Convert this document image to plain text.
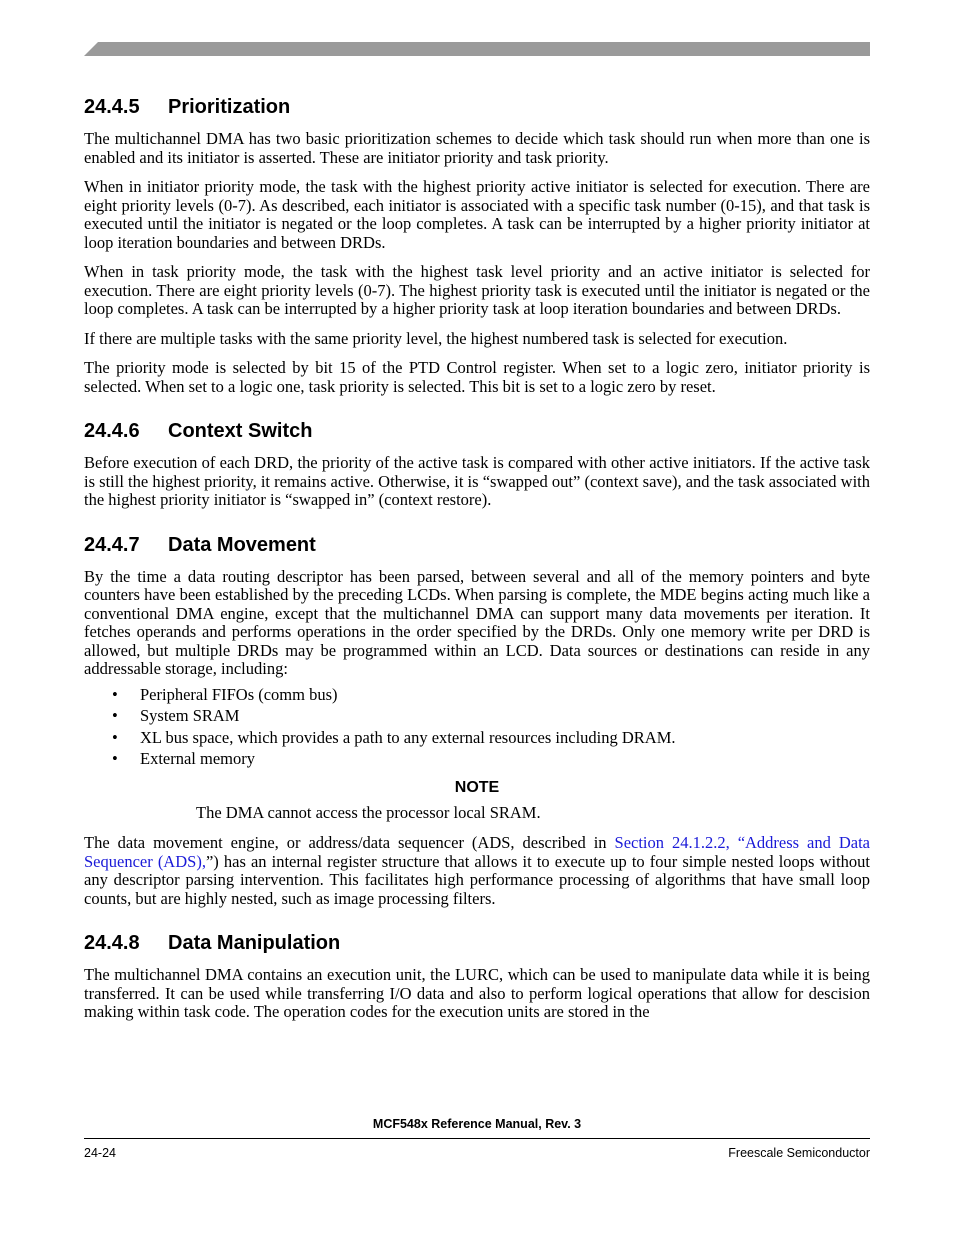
24.4.5 Prioritization

The multichannel DMA has two basic prioritization schemes to decide which task should run when more than one is enabled and its initiator is asserted. These are initiator priority and task priority.

When in initiator priority mode, the task with the highest priority active initiator is selected for execution. There are eight priority levels (0-7). As described, each initiator is associated with a specific task number (0-15), and that task is executed until the initiator is negated or the loop completes. A task can be interrupted by a higher priority initiator at loop iteration boundaries and between DRDs.

When in task priority mode, the task with the highest task level priority and an active initiator is selected for execution. There are eight priority levels (0-7). The highest priority task is executed until the initiator is negated or the loop completes. A task can be interrupted by a higher priority task at loop iteration boundaries and between DRDs.

If there are multiple tasks with the same priority level, the highest numbered task is selected for execution.

The priority mode is selected by bit 15 of the PTD Control register. When set to a logic zero, initiator priority is selected. When set to a logic one, task priority is selected. This bit is set to a logic zero by reset.

24.4.6 Context Switch

Before execution of each DRD, the priority of the active task is compared with other active initiators. If the active task is still the highest priority, it remains active. Otherwise, it is “swapped out” (context save), and the task associated with the highest priority initiator is “swapped in” (context restore).

24.4.7 Data Movement

By the time a data routing descriptor has been parsed, between several and all of the memory pointers and byte counters have been established by the preceding LCDs. When parsing is complete, the MDE begins acting much like a conventional DMA engine, except that the multichannel DMA can support many data movements per iteration. It fetches operands and performs operations in the order specified by the DRDs. Only one memory write per DRD is allowed, but multiple DRDs may be programmed within an LCD. Data sources or destinations can reside in any addressable storage, including:

• Peripheral FIFOs (comm bus)
• System SRAM
• XL bus space, which provides a path to any external resources including DRAM.
• External memory
NOTE
The DMA cannot access the processor local SRAM.

The data movement engine, or address/data sequencer (ADS, described in Section 24.1.2.2, “Address and Data Sequencer (ADS),”) has an internal register structure that allows it to execute up to four simple nested loops without any descriptor parsing intervention. This facilitates high performance processing of algorithms that have small loop counts, but are highly nested, such as image processing filters.

24.4.8 Data Manipulation

The multichannel DMA contains an execution unit, the LURC, which can be used to manipulate data while it is being transferred. It can be used while transferring I/O data and also to perform logical operations that allow for descision making within task code. The operation codes for the execution units are stored in the

MCF548x Reference Manual, Rev. 3
24-24	Freescale Semiconductor
